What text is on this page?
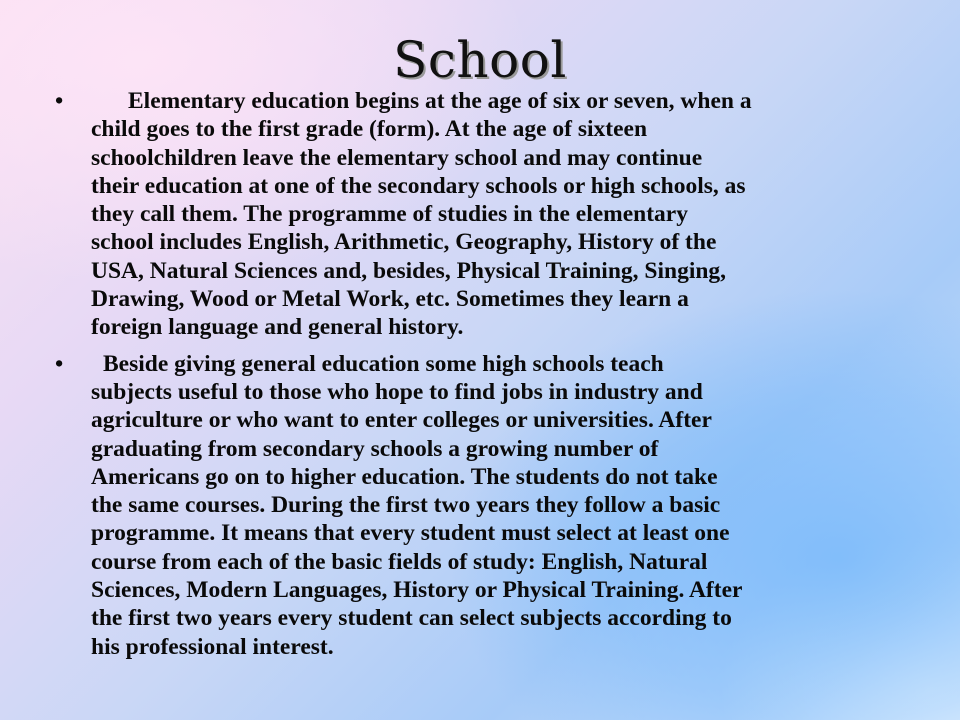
School
•	Elementary education begins at the age of six or seven, when a
child goes to the first grade (form). At the age of sixteen
schoolchildren leave the elementary school and may continue
their education at one of the secondary schools or high schools, as
they call them. The programme of studies in the elementary
school includes English, Arithmetic, Geography, History of the
USA, Natural Sciences and, besides, Physical Training, Singing,
Drawing, Wood or Metal Work, etc. Sometimes they learn a
foreign language and general history.
•	Beside giving general education some high schools teach
subjects useful to those who hope to find jobs in industry and
agriculture or who want to enter colleges or universities. After
graduating from secondary schools a growing number of
Americans go on to higher education. The students do not take
the same courses. During the first two years they follow a basic
programme. It means that every student must select at least one
course from each of the basic fields of study: English, Natural
Sciences, Modern Languages, History or Physical Training. After
the first two years every student can select subjects according to
his professional interest.
